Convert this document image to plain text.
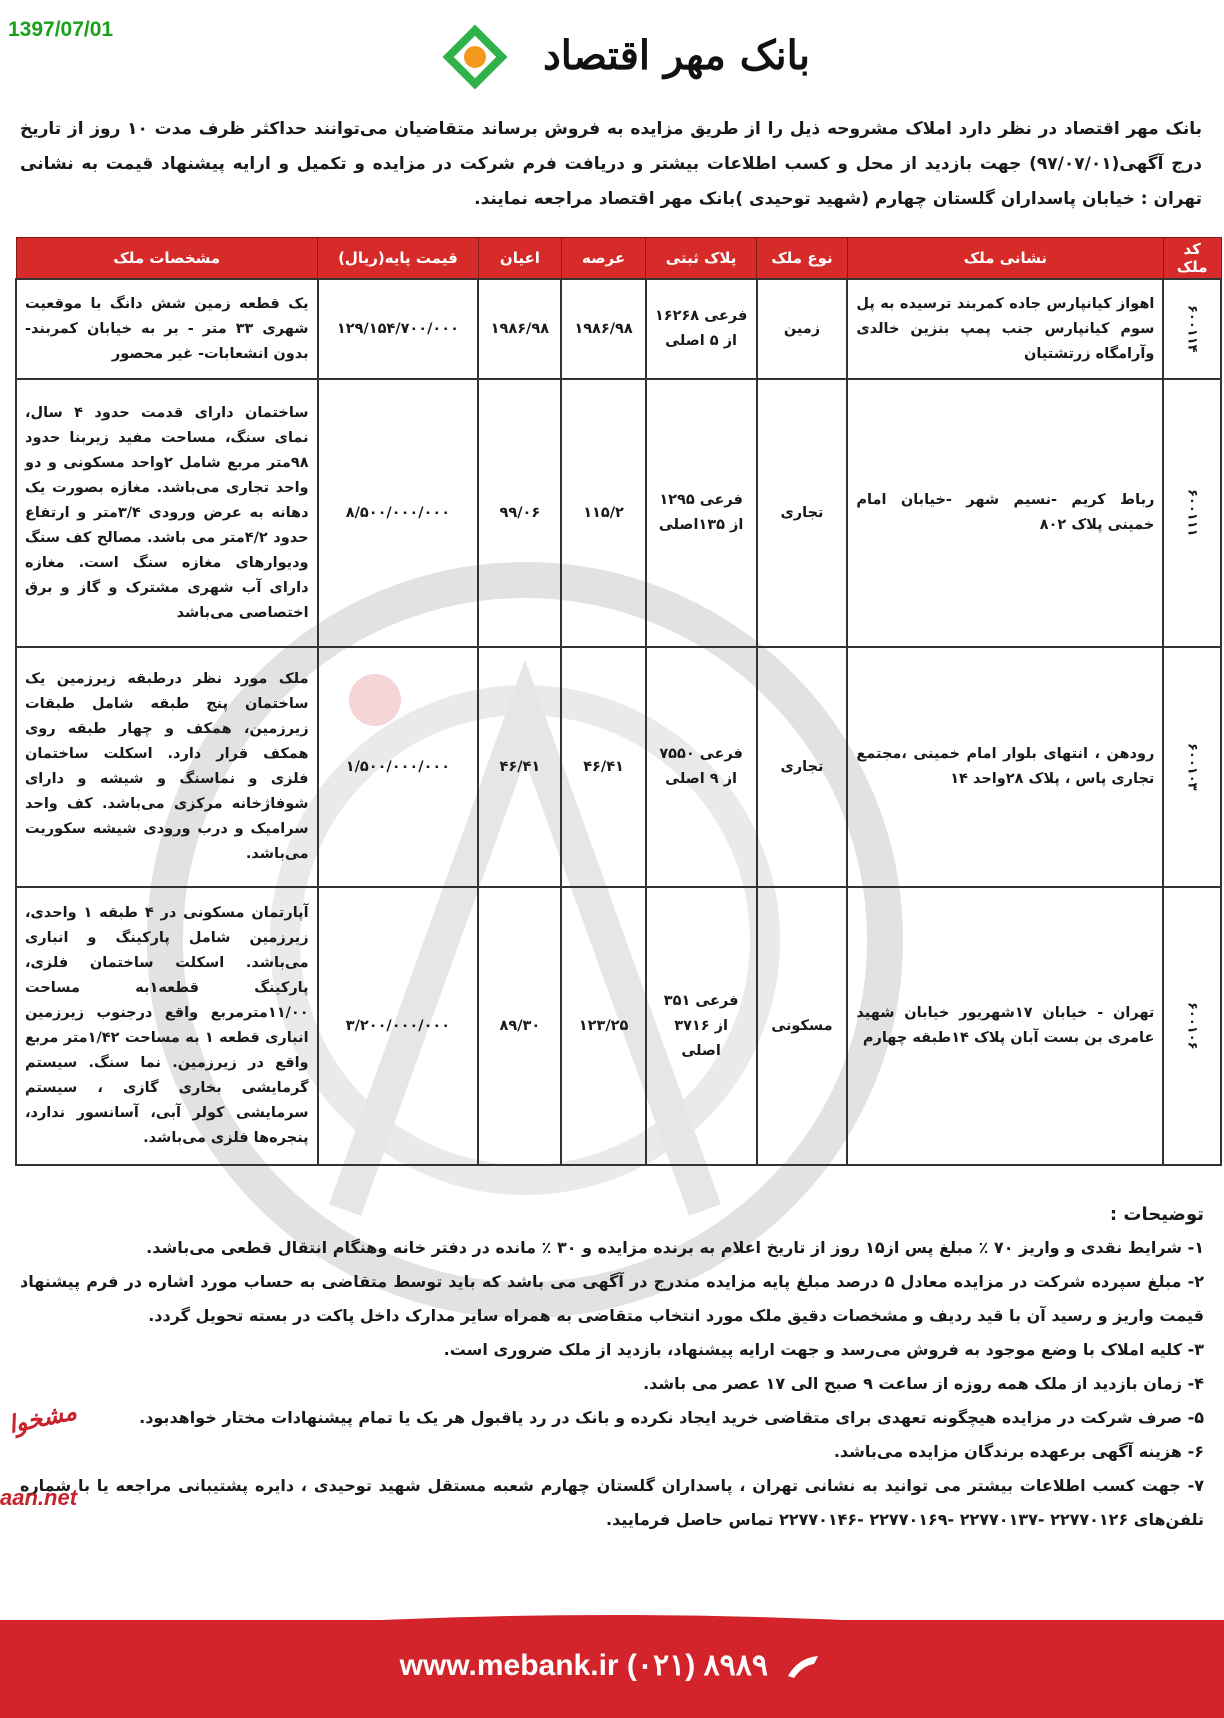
1397/07/01
بانک مهر اقتصاد
بانک مهر اقتصاد در نظر دارد املاک مشروحه ذیل را از طریق مزایده به فروش برساند متقاضیان می‌توانند حداکثر ظرف مدت ۱۰ روز از تاریخ درج آگهی(۹۷/۰۷/۰۱) جهت بازدید از محل و کسب اطلاعات بیشتر و دریافت فرم شرکت در مزایده و تکمیل و ارایه پیشنهاد قیمت به نشانی تهران : خیابان پاسداران گلستان چهارم (شهید توحیدی )بانک مهر اقتصاد مراجعه نمایند.
کد ملک	نشانی ملک	نوع ملک	پلاک ثبتی	عرصه	اعیان	قیمت پایه(ریال)	مشخصات ملک
۶۰۰۱۱۴	اهواز کیانپارس جاده کمربند ترسیده به پل سوم کیانپارس جنب پمپ بنزین خالدی وآرامگاه زرتشتیان	زمین	فرعی ۱۶۲۶۸ از ۵ اصلی	۱۹۸۶/۹۸	۱۹۸۶/۹۸	۱۲۹/۱۵۴/۷۰۰/۰۰۰	یک قطعه زمین شش دانگ با موقعیت شهری ۳۳ متر - بر به خیابان کمربند- بدون انشعابات- غیر محصور
۶۰۰۱۱۱	رباط کریم -نسیم شهر -خیابان امام خمینی پلاک ۸۰۲	تجاری	فرعی ۱۲۹۵ از ۱۳۵اصلی	۱۱۵/۲	۹۹/۰۶	۸/۵۰۰/۰۰۰/۰۰۰	ساختمان دارای قدمت حدود ۴ سال، نمای سنگ، مساحت مفید زیربنا حدود ۹۸متر مربع شامل ۲واحد مسکونی و دو واحد تجاری می‌باشد. مغازه بصورت یک دهانه به عرض ورودی ۳/۴متر و ارتفاع حدود ۴/۲متر می باشد. مصالح کف سنگ ودیوارهای مغازه سنگ است. مغازه دارای آب شهری مشترک و گاز و برق اختصاصی می‌باشد
۶۰۰۱۰۳	رودهن ، انتهای بلوار امام خمینی ،مجتمع تجاری پاس ، پلاک ۲۸واحد ۱۴	تجاری	فرعی ۷۵۵۰ از ۹ اصلی	۴۶/۴۱	۴۶/۴۱	۱/۵۰۰/۰۰۰/۰۰۰	ملک مورد نظر درطبقه زیرزمین یک ساختمان پنج طبقه شامل طبقات زیرزمین، همکف و چهار طبقه روی همکف قرار دارد. اسکلت ساختمان فلزی و نماسنگ و شیشه و دارای شوفاژخانه مرکزی می‌باشد. کف واحد سرامیک و درب ورودی شیشه سکوریت می‌باشد.
۶۰۰۱۰۶	تهران - خیابان ۱۷شهریور خیابان شهید عامری بن بست آبان پلاک ۱۴طبقه چهارم	مسکونی	فرعی ۳۵۱ از ۳۷۱۶ اصلی	۱۲۳/۲۵	۸۹/۳۰	۳/۲۰۰/۰۰۰/۰۰۰	آپارتمان مسکونی در ۴ طبقه ۱ واحدی، زیرزمین شامل پارکینگ و انباری می‌باشد. اسکلت ساختمان فلزی، پارکینگ قطعه۱به مساحت ۱۱/۰۰مترمربع واقع درجنوب زیرزمین انباری قطعه ۱ به مساحت ۱/۴۲متر مربع واقع در زیرزمین. نما سنگ. سیستم گرمایشی بخاری گازی ، سیستم سرمایشی کولر آبی، آسانسور ندارد، پنجره‌ها فلزی می‌باشد.
توضیحات :

۱- شرایط نقدی و واریز ۷۰ ٪ مبلغ پس از۱۵ روز از تاریخ اعلام به برنده مزایده و ۳۰ ٪ مانده در دفتر خانه وهنگام انتقال قطعی می‌باشد.

۲- مبلغ سپرده شرکت در مزایده معادل ۵ درصد مبلغ پایه مزایده مندرج در آگهی می باشد که باید توسط متقاضی به حساب مورد اشاره در فرم پیشنهاد قیمت واریز و رسید آن با قید ردیف و مشخصات دقیق ملک مورد انتخاب متقاضی به همراه سایر مدارک داخل پاکت در بسته تحویل گردد.

۳- کلیه املاک با وضع موجود به فروش می‌رسد و جهت ارایه پیشنهاد، بازدید از ملک ضروری است.

۴- زمان بازدید از ملک همه روزه از ساعت ۹ صبح الی ۱۷ عصر می باشد.

۵- صرف شرکت در مزایده هیچگونه تعهدی برای متقاضی خرید ایجاد نکرده و بانک در رد یاقبول هر یک یا تمام پیشنهادات مختار خواهدبود.

۶- هزینه آگهی برعهده برندگان مزایده می‌باشد.

۷- جهت کسب اطلاعات بیشتر می توانید به نشانی تهران ، پاسداران گلستان چهارم شعبه مستقل شهید توحیدی ، دایره پشتیبانی مراجعه یا با شماره تلفن‌های ۲۲۷۷۰۱۲۶ -۲۲۷۷۰۱۳۷ -۲۲۷۷۰۱۶۹ -۲۲۷۷۰۱۴۶ تماس حاصل فرمایید.

مشخوا
aan.net
www.mebank.ir (۰۲۱) ۸۹۸۹
